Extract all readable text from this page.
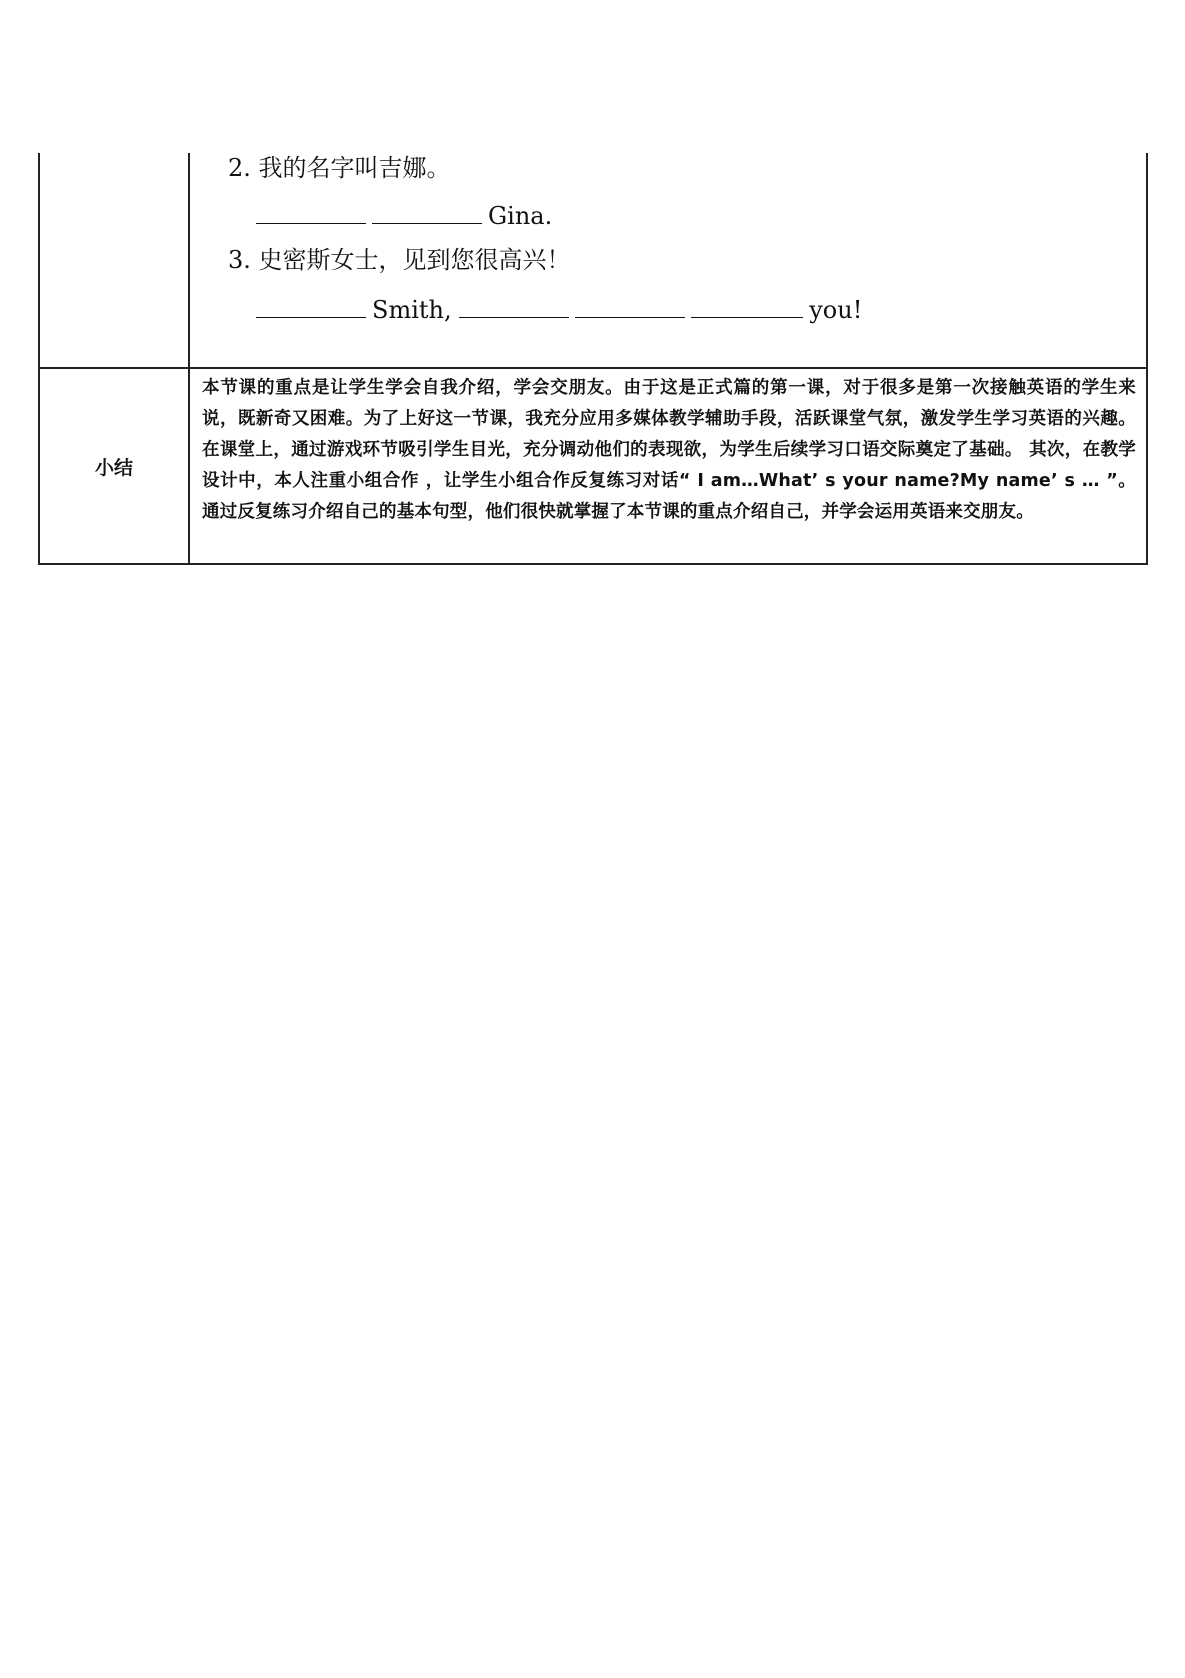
	2. 我的名字叫吉娜。
Gina.
3. 史密斯女士，见到您很高兴！
Smith, you!

小结	本节课的重点是让学生学会自我介绍，学会交朋友。由于这是正式篇的第一课，对于很多是第一次接触英语的学生来说，既新奇又困难。为了上好这一节课，我充分应用多媒体教学辅助手段，活跃课堂气氛，激发学生学习英语的兴趣。在课堂上，通过游戏环节吸引学生目光，充分调动他们的表现欲，为学生后续学习口语交际奠定了基础。 其次，在教学设计中，本人注重小组合作 ，让学生小组合作反复练习对话“ I am…What’ s your name?My name’ s … ”。通过反复练习介绍自己的基本句型，他们很快就掌握了本节课的重点介绍自己，并学会运用英语来交朋友。
